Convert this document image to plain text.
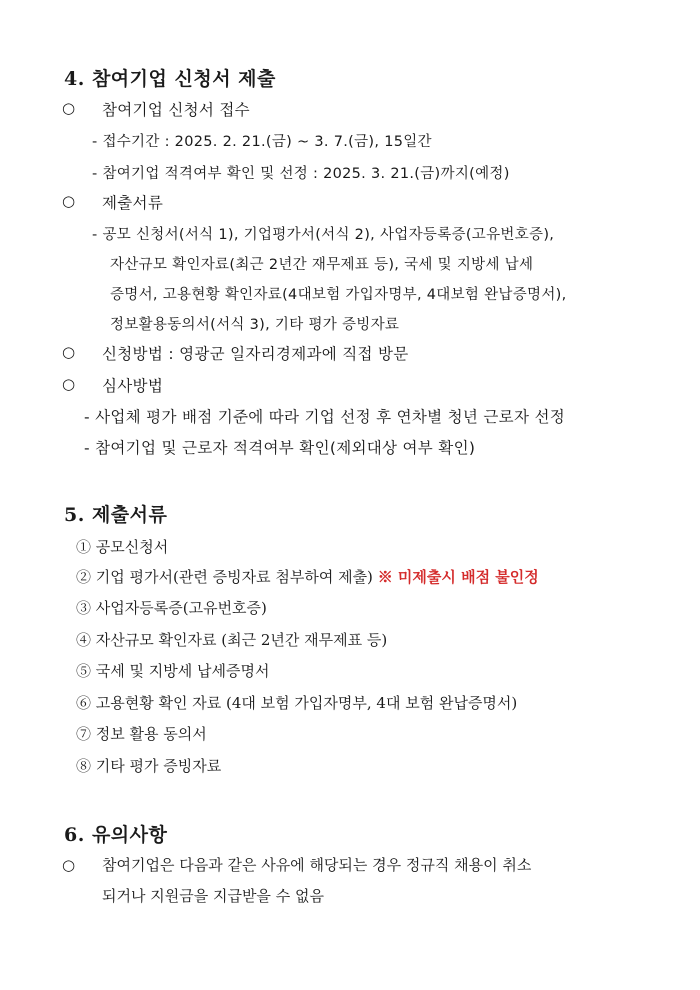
4. 참여기업 신청서 제출
○ 참여기업 신청서 접수
- 접수기간 : 2025. 2. 21.(금) ~ 3. 7.(금), 15일간
- 참여기업 적격여부 확인 및 선정 : 2025. 3. 21.(금)까지(예정)
○ 제출서류
- 공모 신청서(서식 1), 기업평가서(서식 2), 사업자등록증(고유번호증),
자산규모 확인자료(최근 2년간 재무제표 등), 국세 및 지방세 납세
증명서, 고용현황 확인자료(4대보험 가입자명부, 4대보험 완납증명서),
정보활용동의서(서식 3), 기타 평가 증빙자료
○ 신청방법 : 영광군 일자리경제과에 직접 방문
○ 심사방법
- 사업체 평가 배점 기준에 따라 기업 선정 후 연차별 청년 근로자 선정
- 참여기업 및 근로자 적격여부 확인(제외대상 여부 확인)
5. 제출서류
① 공모신청서
② 기업 평가서(관련 증빙자료 첨부하여 제출) ※ 미제출시 배점 불인정
③ 사업자등록증(고유번호증)
④ 자산규모 확인자료 (최근 2년간 재무제표 등)
⑤ 국세 및 지방세 납세증명서
⑥ 고용현황 확인 자료 (4대 보험 가입자명부, 4대 보험 완납증명서)
⑦ 정보 활용 동의서
⑧ 기타 평가 증빙자료
6. 유의사항
○ 참여기업은 다음과 같은 사유에 해당되는 경우 정규직 채용이 취소
되거나 지원금을 지급받을 수 없음
